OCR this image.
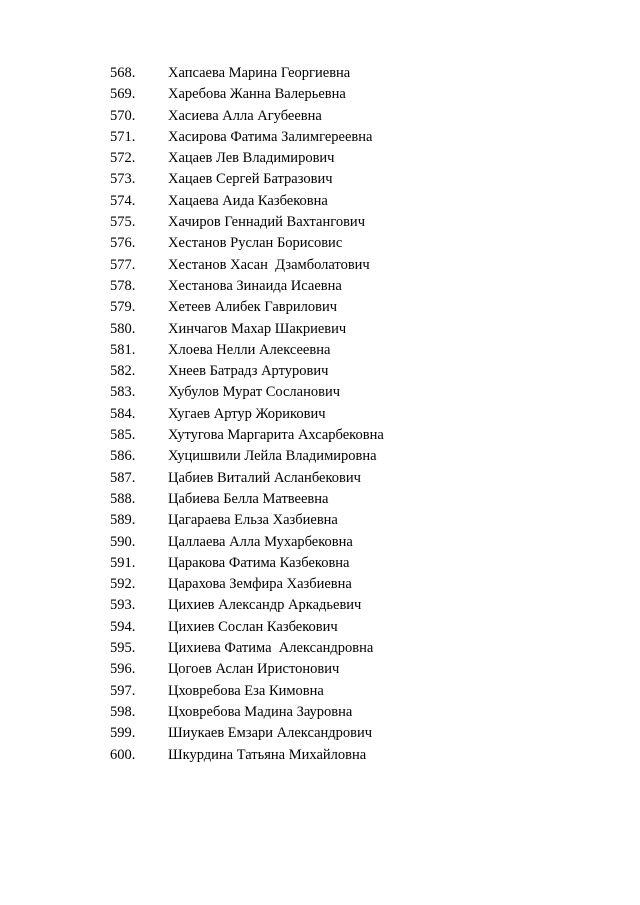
568. Хапсаева Марина Георгиевна
569. Харебова Жанна Валерьевна
570. Хасиева Алла Агубеевна
571. Хасирова Фатима Залимгереевна
572. Хацаев Лев Владимирович
573. Хацаев Сергей Батразович
574. Хацаева Аида Казбековна
575. Хачиров Геннадий Вахтангович
576. Хестанов Руслан Борисовис
577. Хестанов Хасан  Дзамболатович
578. Хестанова Зинаида Исаевна
579. Хетеев Алибек Гаврилович
580. Хинчагов Махар Шакриевич
581. Хлоева Нелли Алексеевна
582. Хнеев Батрадз Артурович
583. Хубулов Мурат Сосланович
584. Хугаев Артур Жорикович
585. Хутугова Маргарита Ахсарбековна
586. Хуцишвили Лейла Владимировна
587. Цабиев Виталий Асланбекович
588. Цабиева Белла Матвеевна
589. Цагараева Ельза Хазбиевна
590. Цаллаева Алла Мухарбековна
591. Царакова Фатима Казбековна
592. Царахова Земфира Хазбиевна
593. Цихиев Александр Аркадьевич
594. Цихиев Сослан Казбекович
595. Цихиева Фатима  Александровна
596. Цогоев Аслан Иристонович
597. Цховребова Еза Кимовна
598. Цховребова Мадина Зауровна
599. Шиукаев Емзари Александрович
600. Шкурдина Татьяна Михайловна
